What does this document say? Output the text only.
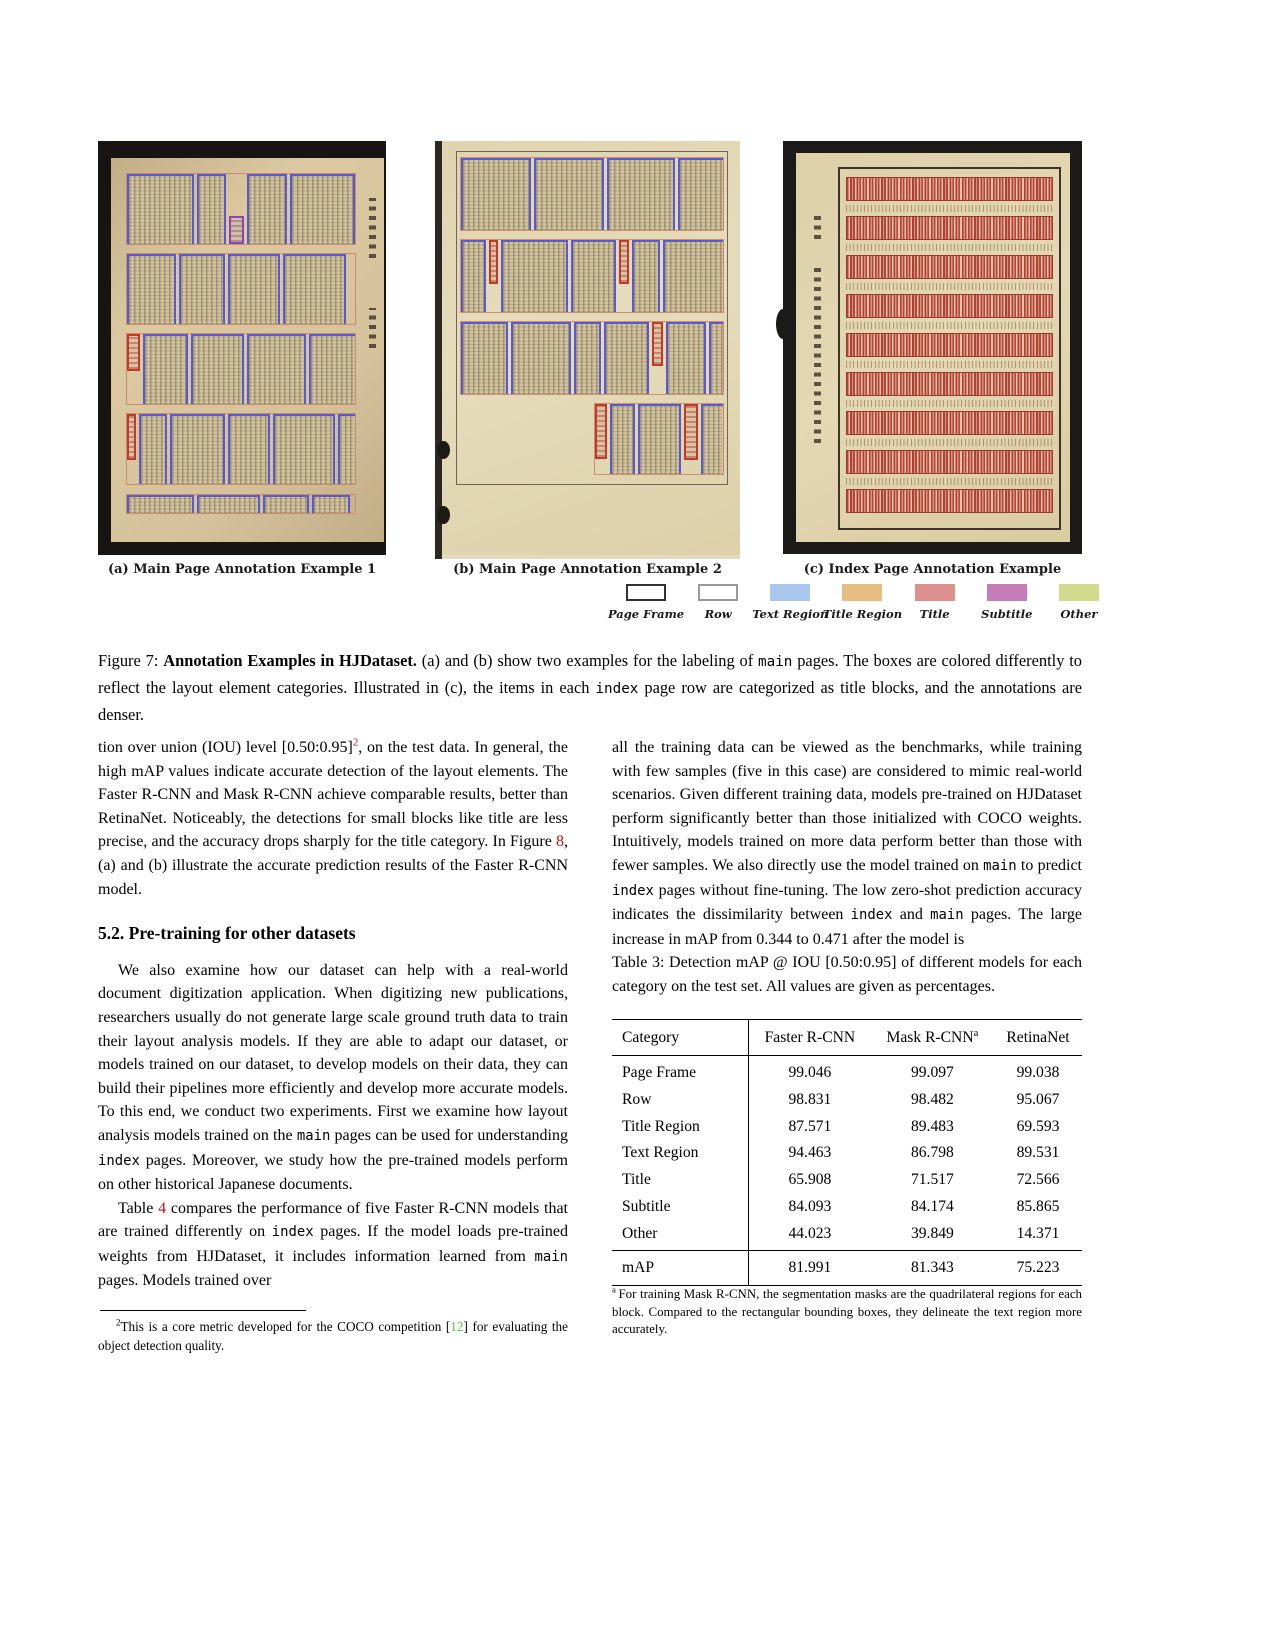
(a) Main Page Annotation Example 1	(b) Main Page Annotation Example 2	(c) Index Page Annotation Example
Page Frame Row Text Region
Title Region Title	Subtitle Other
Figure 7: Annotation Examples in HJDataset. (a) and (b) show two examples for the labeling of main pages. The boxes are colored differently to reflect the layout element categories. Illustrated in (c), the items in each index page row are categorized as title blocks, and the annotations are denser.

tion over union (IOU) level [0.50:0.95]$^2$, on the test data. In general, the high mAP values indicate accurate detection of the layout elements. The Faster R-CNN and Mask R-CNN achieve comparable results, better than RetinaNet. Noticeably, the detections for small blocks like title are less precise, and the accuracy drops sharply for the title category. In Figure 8, (a) and (b) illustrate the accurate prediction results of the Faster R-CNN model.

5.2. Pre-training for other datasets

We also examine how our dataset can help with a real-world document digitization application. When digitizing new publications, researchers usually do not generate large scale ground truth data to train their layout analysis models. If they are able to adapt our dataset, or models trained on our dataset, to develop models on their data, they can build their pipelines more efficiently and develop more accurate models. To this end, we conduct two experiments. First we examine how layout analysis models trained on the main pages can be used for understanding index pages. Moreover, we study how the pre-trained models perform on other historical Japanese documents.

Table 4 compares the performance of five Faster R-CNN models that are trained differently on index pages. If the model loads pre-trained weights from HJDataset, it includes information learned from main pages. Models trained over

$^2$This is a core metric developed for the COCO competition [12] for evaluating the object detection quality.

all the training data can be viewed as the benchmarks, while training with few samples (five in this case) are considered to mimic real-world scenarios. Given different training data, models pre-trained on HJDataset perform significantly better than those initialized with COCO weights. Intuitively, models trained on more data perform better than those with fewer samples. We also directly use the model trained on main to predict index pages without fine-tuning. The low zero-shot prediction accuracy indicates the dissimilarity between index and main pages. The large increase in mAP from 0.344 to 0.471 after the model is

Table 3: Detection mAP @ IOU [0.50:0.95] of different models for each category on the test set. All values are given as percentages.

Category	Faster R-CNN	Mask R-CNN$^a$	RetinaNet
Page Frame	99.046	99.097	99.038
Row	98.831	98.482	95.067
Title Region	87.571	89.483	69.593
Text Region	94.463	86.798	89.531
Title	65.908	71.517	72.566
Subtitle	84.093	84.174	85.865
Other	44.023	39.849	14.371
mAP	81.991	81.343	75.223

$^a$ For training Mask R-CNN, the segmentation masks are the quadrilateral regions for each block. Compared to the rectangular bounding boxes, they delineate the text region more accurately.
